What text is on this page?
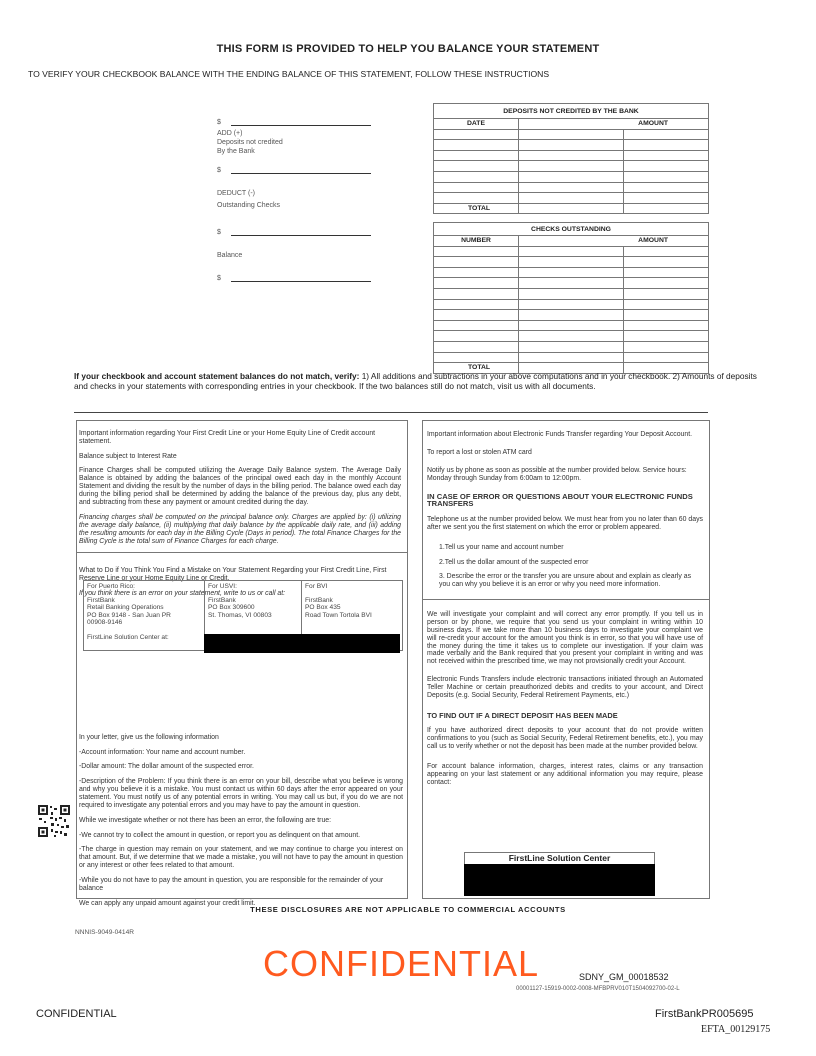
THIS FORM IS PROVIDED TO HELP YOU BALANCE YOUR STATEMENT
TO VERIFY YOUR CHECKBOOK BALANCE WITH THE ENDING BALANCE OF THIS STATEMENT, FOLLOW THESE INSTRUCTIONS
$
ADD (+)
Deposits not credited
By the Bank
$
DEDUCT (-)
Outstanding Checks
$
Balance
$
DEPOSITS NOT CREDITED BY THE BANK		
DATE	AMOUNT	

TOTAL		
CHECKS OUTSTANDING		
NUMBER	AMOUNT	

TOTAL		
If your checkbook and account statement balances do not match, verify: 1) All additions and subtractions in your above computations and in your checkbook. 2) Amounts of deposits and checks in your statements with corresponding entries in your checkbook. If the two balances still do not match, visit us with all documents.

Important information regarding Your First Credit Line or your Home Equity Line of Credit account statement.

Balance subject to Interest Rate

Finance Charges shall be computed utilizing the Average Daily Balance system. The Average Daily Balance is obtained by adding the balances of the principal owed each day in the monthly Account Statement and dividing the result by the number of days in the billing period. The balance owed each day during the billing period shall be determined by adding the balance of the previous day, plus any debt, and subtracting from these any payment or amount credited during the day.

Financing charges shall be computed on the principal balance only. Charges are applied by: (i) utilizing the average daily balance, (ii) multiplying that daily balance by the applicable daily rate, and (iii) adding the resulting amounts for each day in the Billing Cycle (Days in period). The total Finance Charges for the Billing Cycle is the total sum of Finance Charges for each charge.

What to Do if You Think You Find a Mistake on Your Statement Regarding your First Credit Line, First Reserve Line or your Home Equity Line or Credit.

If you think there is an error on your statement, write to us or call at:

For Puerto Rico:
FirstBank
Retail Banking Operations
PO Box 9148 - San Juan PR
00908-9146
FirstLine Solution Center at:
For USVI:
FirstBank
PO Box 309600
St. Thomas, VI 00803
For BVI
FirstBank
PO Box 435
Road Town Tortola BVI

In your letter, give us the following information

-Account information: Your name and account number.

-Dollar amount: The dollar amount of the suspected error.

-Description of the Problem: If you think there is an error on your bill, describe what you believe is wrong and why you believe it is a mistake. You must contact us within 60 days after the error appeared on your statement. You must notify us of any potential errors in writing. You may call us but, if you do we are not required to investigate any potential errors and you may have to pay the amount in question.

While we investigate whether or not there has been an error, the following are true:

-We cannot try to collect the amount in question, or report you as delinquent on that amount.

-The charge in question may remain on your statement, and we may continue to charge you interest on that amount. But, if we determine that we made a mistake, you will not have to pay the amount in question or any interest or other fees related to that amount.

-While you do not have to pay the amount in question, you are responsible for the remainder of your balance

We can apply any unpaid amount against your credit limit.

Important information about Electronic Funds Transfer regarding Your Deposit Account.

To report a lost or stolen ATM card

Notify us by phone as soon as possible at the number provided below. Service hours: Monday through Sunday from 6:00am to 12:00pm.

IN CASE OF ERROR OR QUESTIONS ABOUT YOUR ELECTRONIC FUNDS TRANSFERS

Telephone us at the number provided below. We must hear from you no later than 60 days after we sent you the first statement on which the error or problem appeared.

1.Tell us your name and account number

2.Tell us the dollar amount of the suspected error

3. Describe the error or the transfer you are unsure about and explain as clearly as you can why you believe it is an error or why you need more information.

We will investigate your complaint and will correct any error promptly. If you tell us in person or by phone, we require that you send us your complaint in writing within 10 business days. If we take more than 10 business days to investigate your complaint we will re-credit your account for the amount you think is in error, so that you will have use of the money during the time it takes us to complete our investigation. If your claim was made verbally and the Bank required that you present your complaint in writing and was not received within the prescribed time, we may not provisionally credit your Account.

Electronic Funds Transfers include electronic transactions initiated through an Automated Teller Machine or certain preauthorized debits and credits to your account, and Direct Deposits (e.g. Social Security, Federal Retirement Payments, etc.)

TO FIND OUT IF A DIRECT DEPOSIT HAS BEEN MADE

If you have authorized direct deposits to your account that do not provide written confirmations to you (such as Social Security, Federal Retirement benefits, etc.), you may call us to verify whether or not the deposit has been made at the number provided below.

For account balance information, charges, interest rates, claims or any transaction appearing on your last statement or any additional information you may require, please contact:

FirstLine Solution Center
THESE DISCLOSURES ARE NOT APPLICABLE TO COMMERCIAL ACCOUNTS
NNNIS-9049-0414R
CONFIDENTIAL	SDNY_GM_00018532
00001127-15919-0002-0008-MFBPRV010T1504092700-02-L
CONFIDENTIAL	FirstBankPR005695
EFTA_00129175
